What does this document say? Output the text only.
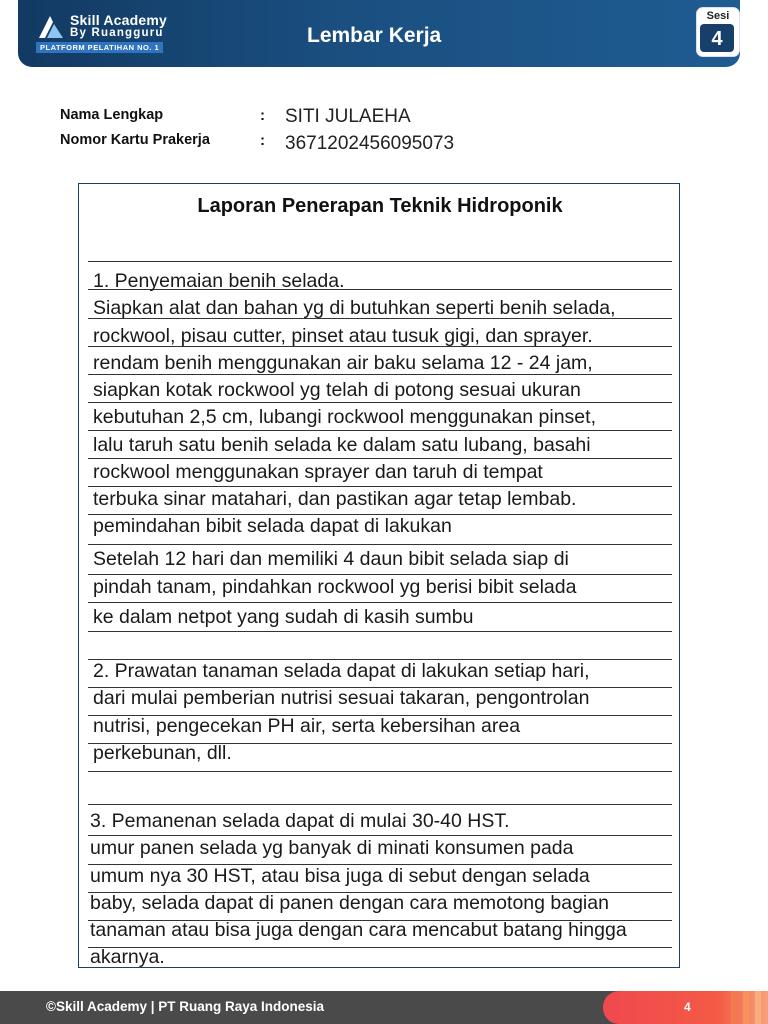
Skill Academy
By Ruangguru
PLATFORM PELATIHAN NO. 1
Lembar Kerja
Sesi
4
Nama Lengkap	: SITI JULAEHA
Nomor Kartu Prakerja	: 3671202456095073
Laporan Penerapan Teknik Hidroponik
1. Penyemaian benih selada.
Siapkan alat dan bahan yg di butuhkan seperti benih selada,
rockwool, pisau cutter, pinset atau tusuk gigi, dan sprayer.
rendam benih menggunakan air baku selama 12 - 24 jam,
siapkan kotak rockwool yg telah di potong sesuai ukuran
kebutuhan 2,5 cm, lubangi rockwool menggunakan pinset,
lalu taruh satu benih selada ke dalam satu lubang, basahi
rockwool menggunakan sprayer dan taruh di tempat
terbuka sinar matahari, dan pastikan agar tetap lembab.
pemindahan bibit selada dapat di lakukan
Setelah 12 hari dan memiliki 4 daun bibit selada siap di
pindah tanam, pindahkan rockwool yg berisi bibit selada
ke dalam netpot yang sudah di kasih sumbu
2. Prawatan tanaman selada dapat di lakukan setiap hari,
dari mulai pemberian nutrisi sesuai takaran, pengontrolan
nutrisi, pengecekan PH air, serta kebersihan area
perkebunan, dll.
3. Pemanenan selada dapat di mulai 30-40 HST.
umur panen selada yg banyak di minati konsumen pada
umum nya 30 HST, atau bisa juga di sebut dengan selada
baby, selada dapat di panen dengan cara memotong bagian
tanaman atau bisa juga dengan cara mencabut batang hingga
akarnya.
©Skill Academy | PT Ruang Raya Indonesia	4
